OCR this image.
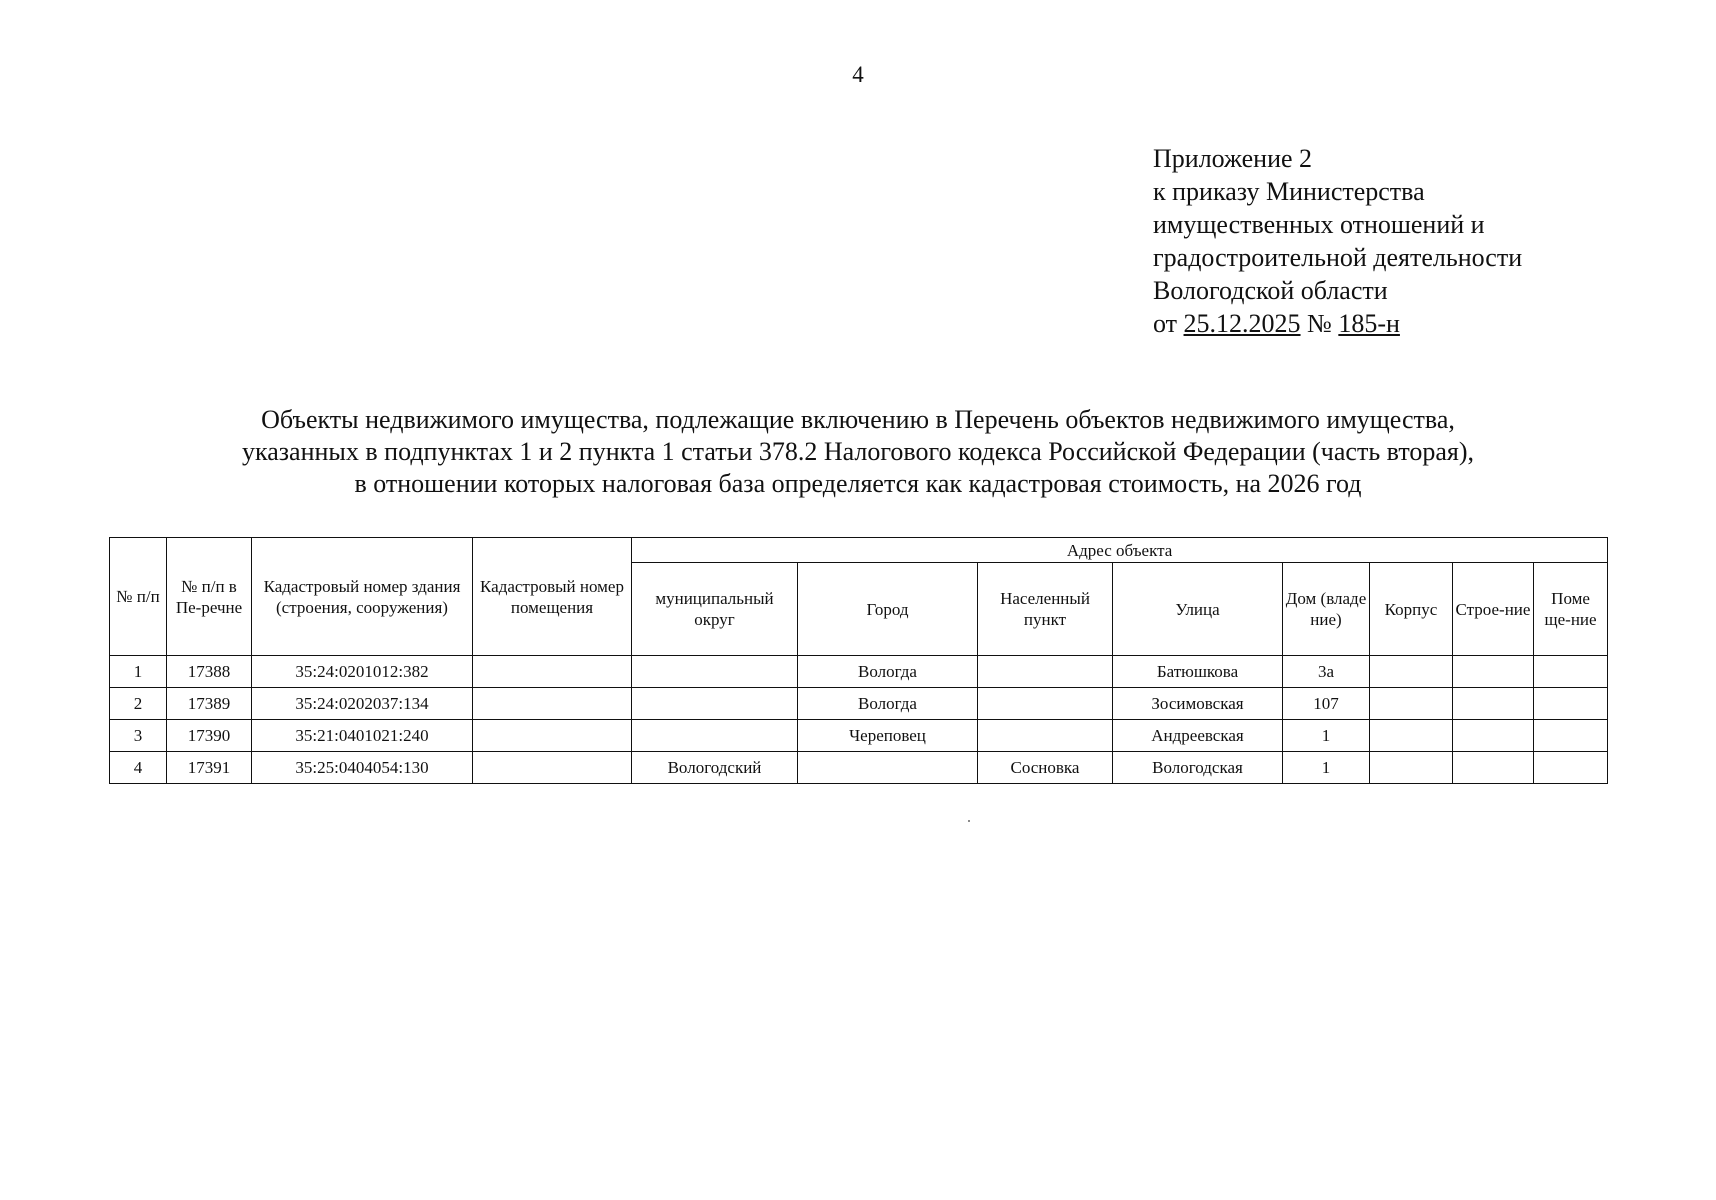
4
Приложение 2
к приказу Министерства
имущественных отношений и
градостроительной деятельности
Вологодской области
от 25.12.2025 № 185-н
Объекты недвижимого имущества, подлежащие включению в Перечень объектов недвижимого имущества,
указанных в подпунктах 1 и 2 пункта 1 статьи 378.2 Налогового кодекса Российской Федерации (часть вторая),
в отношении которых налоговая база определяется как кадастровая стоимость, на 2026 год
№ п/п	№ п/п в Пе-речне	Кадастровый номер здания (строения, сооружения)	Кадастровый номер помещения	Адрес объекта							
				муниципальный округ	Город	Населенный пункт	Улица	Дом (владе ние)	Корпус	Строе-ние	Поме ще-ние
1	17388	35:24:0201012:382			Вологда		Батюшкова	3а			
2	17389	35:24:0202037:134			Вологда		Зосимовская	107			
3	17390	35:21:0401021:240			Череповец		Андреевская	1			
4	17391	35:25:0404054:130		Вологодский		Сосновка	Вологодская	1			
